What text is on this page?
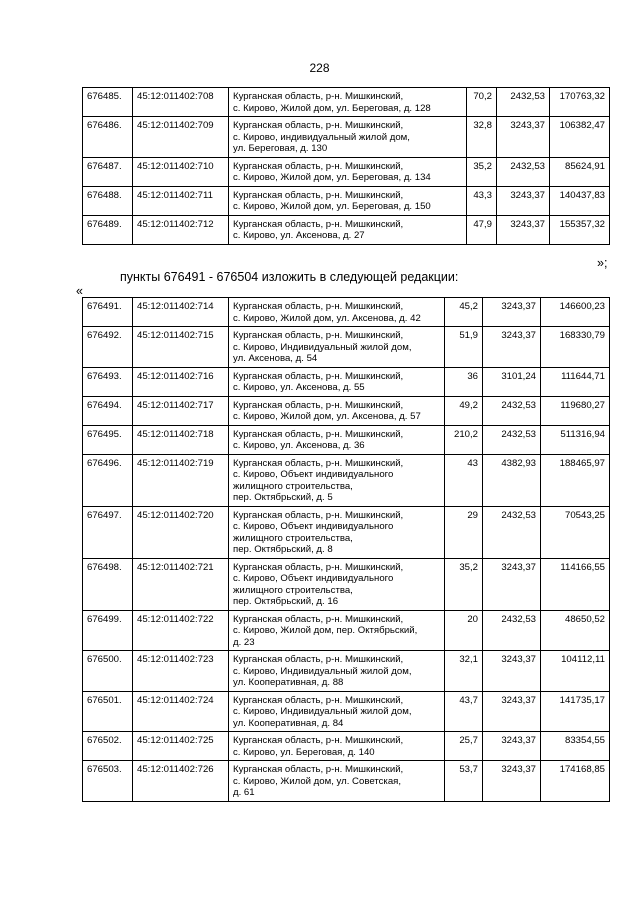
228
676485.	45:12:011402:708	Курганская область, р-н. Мишкинский,
с. Кирово, Жилой дом, ул. Береговая, д. 128	70,2	2432,53	170763,32
676486.	45:12:011402:709	Курганская область, р-н. Мишкинский,
с. Кирово, индивидуальный жилой дом,
ул. Береговая, д. 130	32,8	3243,37	106382,47
676487.	45:12:011402:710	Курганская область, р-н. Мишкинский,
с. Кирово, Жилой дом, ул. Береговая, д. 134	35,2	2432,53	85624,91
676488.	45:12:011402:711	Курганская область, р-н. Мишкинский,
с. Кирово, Жилой дом, ул. Береговая, д. 150	43,3	3243,37	140437,83
676489.	45:12:011402:712	Курганская область, р-н. Мишкинский,
с. Кирово, ул. Аксенова, д. 27	47,9	3243,37	155357,32
»;
пункты 676491 - 676504 изложить в следующей редакции:
«
676491.	45:12:011402:714	Курганская область, р-н. Мишкинский,
с. Кирово, Жилой дом, ул. Аксенова, д. 42	45,2	3243,37	146600,23
676492.	45:12:011402:715	Курганская область, р-н. Мишкинский,
с. Кирово, Индивидуальный жилой дом,
ул. Аксенова, д. 54	51,9	3243,37	168330,79
676493.	45:12:011402:716	Курганская область, р-н. Мишкинский,
с. Кирово, ул. Аксенова, д. 55	36	3101,24	111644,71
676494.	45:12:011402:717	Курганская область, р-н. Мишкинский,
с. Кирово, Жилой дом, ул. Аксенова, д. 57	49,2	2432,53	119680,27
676495.	45:12:011402:718	Курганская область, р-н. Мишкинский,
с. Кирово, ул. Аксенова, д. 36	210,2	2432,53	511316,94
676496.	45:12:011402:719	Курганская область, р-н. Мишкинский,
с. Кирово, Объект индивидуального
жилищного строительства,
пер. Октябрьский, д. 5	43	4382,93	188465,97
676497.	45:12:011402:720	Курганская область, р-н. Мишкинский,
с. Кирово, Объект индивидуального
жилищного строительства,
пер. Октябрьский, д. 8	29	2432,53	70543,25
676498.	45:12:011402:721	Курганская область, р-н. Мишкинский,
с. Кирово, Объект индивидуального
жилищного строительства,
пер. Октябрьский, д. 16	35,2	3243,37	114166,55
676499.	45:12:011402:722	Курганская область, р-н. Мишкинский,
с. Кирово, Жилой дом, пер. Октябрьский,
д. 23	20	2432,53	48650,52
676500.	45:12:011402:723	Курганская область, р-н. Мишкинский,
с. Кирово, Индивидуальный жилой дом,
ул. Кооперативная, д. 88	32,1	3243,37	104112,11
676501.	45:12:011402:724	Курганская область, р-н. Мишкинский,
с. Кирово, Индивидуальный жилой дом,
ул. Кооперативная, д. 84	43,7	3243,37	141735,17
676502.	45:12:011402:725	Курганская область, р-н. Мишкинский,
с. Кирово, ул. Береговая, д. 140	25,7	3243,37	83354,55
676503.	45:12:011402:726	Курганская область, р-н. Мишкинский,
с. Кирово, Жилой дом, ул. Советская,
д. 61	53,7	3243,37	174168,85
